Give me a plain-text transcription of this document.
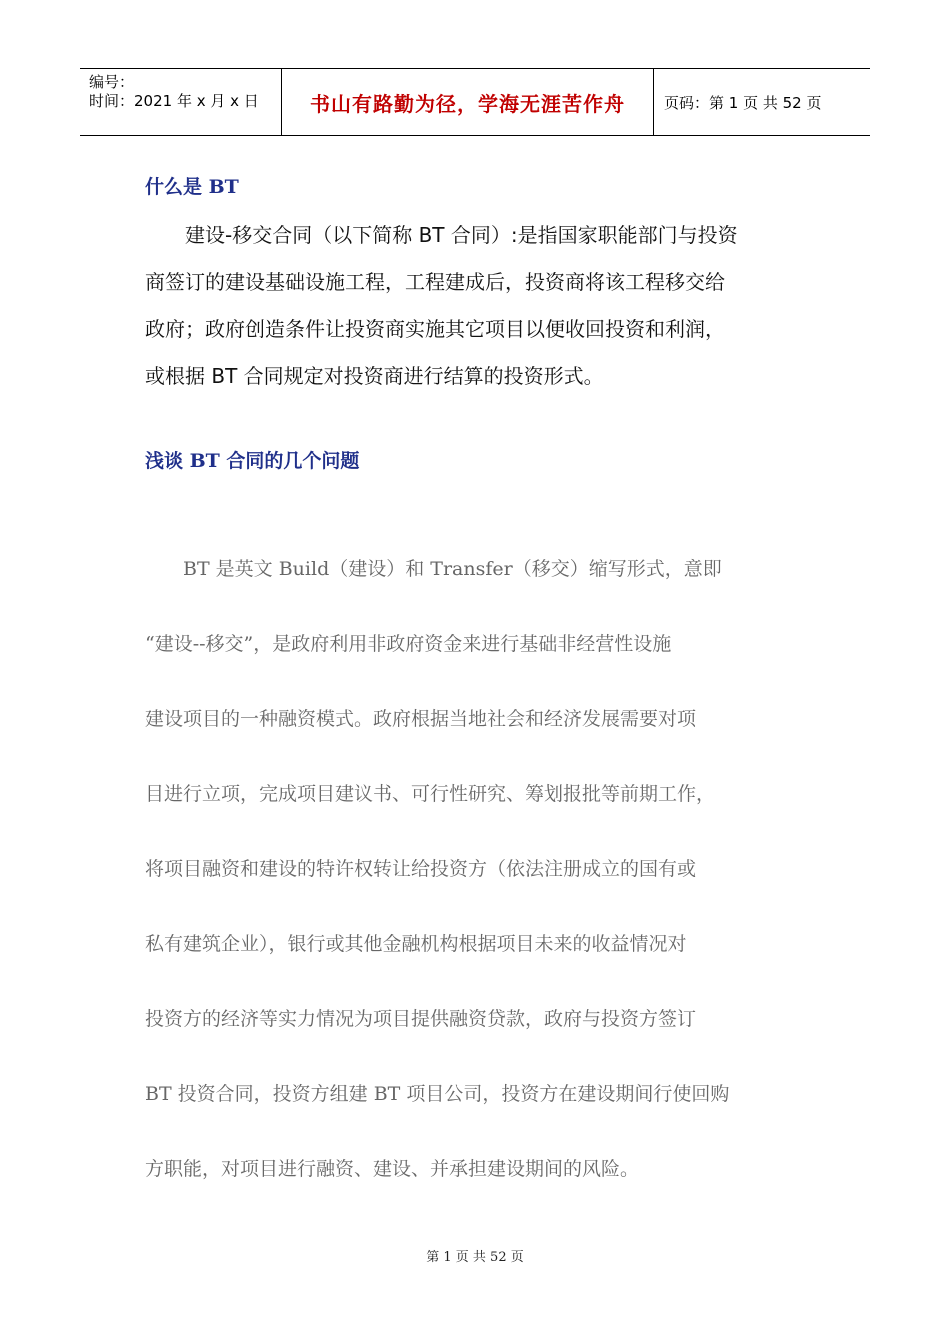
编号：
时间：2021 年 x 月 x 日	书山有路勤为径，学海无涯苦作舟	页码：第 1 页 共 52 页
什么是 BT
　　建设-移交合同（以下简称 BT 合同）:是指国家职能部门与投资
商签订的建设基础设施工程，工程建成后，投资商将该工程移交给
政府；政府创造条件让投资商实施其它项目以便收回投资和利润，
或根据 BT 合同规定对投资商进行结算的投资形式。
浅谈 BT 合同的几个问题
　　BT 是英文 Build（建设）和 Transfer（移交）缩写形式，意即
“建设--移交”，是政府利用非政府资金来进行基础非经营性设施
建设项目的一种融资模式。政府根据当地社会和经济发展需要对项
目进行立项，完成项目建议书、可行性研究、筹划报批等前期工作，
将项目融资和建设的特许权转让给投资方（依法注册成立的国有或
私有建筑企业），银行或其他金融机构根据项目未来的收益情况对
投资方的经济等实力情况为项目提供融资贷款，政府与投资方签订
BT 投资合同，投资方组建 BT 项目公司，投资方在建设期间行使回购
方职能，对项目进行融资、建设、并承担建设期间的风险。
第 1 页 共 52 页
